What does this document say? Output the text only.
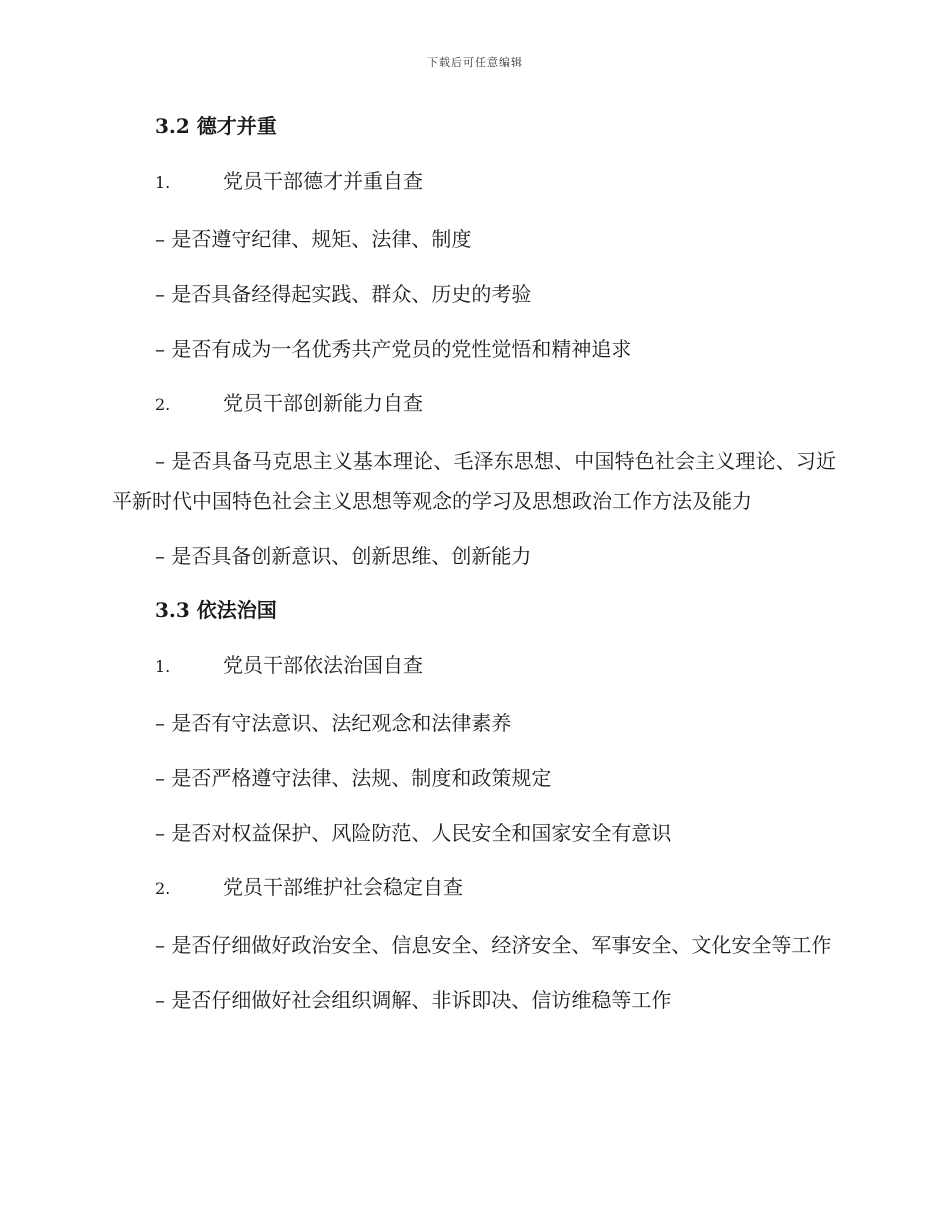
下载后可任意编辑
3.2 德才并重
1.	党员干部德才并重自查
– 是否遵守纪律、规矩、法律、制度
– 是否具备经得起实践、群众、历史的考验
– 是否有成为一名优秀共产党员的党性觉悟和精神追求
2.	党员干部创新能力自查
– 是否具备马克思主义基本理论、毛泽东思想、中国特色社会主义理论、习近平新时代中国特色社会主义思想等观念的学习及思想政治工作方法及能力
– 是否具备创新意识、创新思维、创新能力
3.3 依法治国
1.	党员干部依法治国自查
– 是否有守法意识、法纪观念和法律素养
– 是否严格遵守法律、法规、制度和政策规定
– 是否对权益保护、风险防范、人民安全和国家安全有意识
2.	党员干部维护社会稳定自查
– 是否仔细做好政治安全、信息安全、经济安全、军事安全、文化安全等工作
– 是否仔细做好社会组织调解、非诉即决、信访维稳等工作
